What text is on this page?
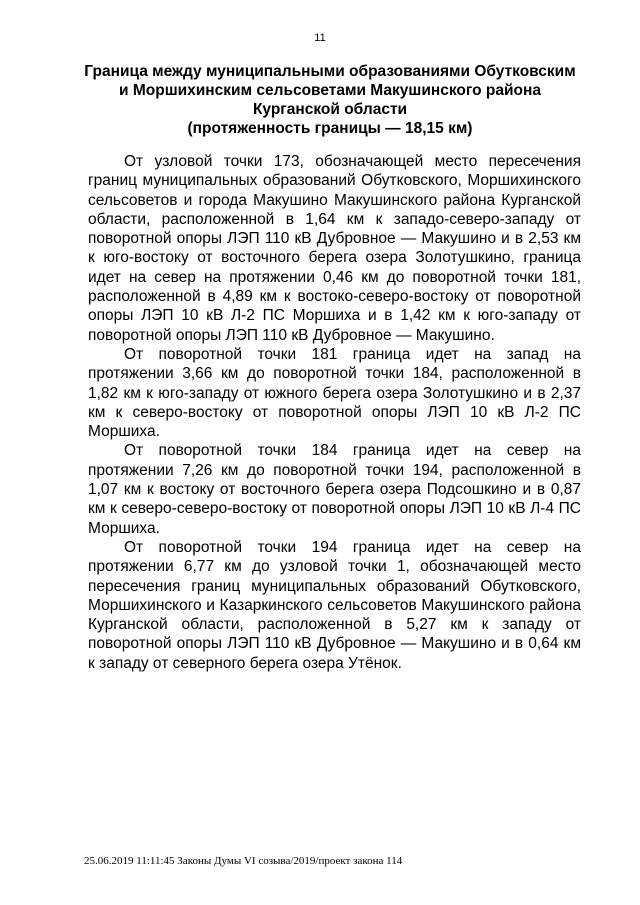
11
Граница между муниципальными образованиями Обутковским
и Моршихинским сельсоветами Макушинского района
Курганской области
(протяженность границы — 18,15 км)

От узловой точки 173, обозначающей место пересечения границ муниципальных образований Обутковского, Моршихинского сельсоветов и города Макушино Макушинского района Курганской области, расположенной в 1,64 км к западо-северо-западу от поворотной опоры ЛЭП 110 кВ Дубровное — Макушино и в 2,53 км к юго-востоку от восточного берега озера Золотушкино, граница идет на север на протяжении 0,46 км до поворотной точки 181, расположенной в 4,89 км к востоко-северо-востоку от поворотной опоры ЛЭП 10 кВ Л-2 ПС Моршиха и в 1,42 км к юго-западу от поворотной опоры ЛЭП 110 кВ Дубровное — Макушино.

От поворотной точки 181 граница идет на запад на протяжении 3,66 км до поворотной точки 184, расположенной в 1,82 км к юго-западу от южного берега озера Золотушкино и в 2,37 км к северо-востоку от поворотной опоры ЛЭП 10 кВ Л-2 ПС Моршиха.

От поворотной точки 184 граница идет на север на протяжении 7,26 км до поворотной точки 194, расположенной в 1,07 км к востоку от восточного берега озера Подсошкино и в 0,87 км к северо-северо-востоку от поворотной опоры ЛЭП 10 кВ Л-4 ПС Моршиха.

От поворотной точки 194 граница идет на север на протяжении 6,77 км до узловой точки 1, обозначающей место пересечения границ муниципальных образований Обутковского, Моршихинского и Казаркинского сельсоветов Макушинского района Курганской области, расположенной в 5,27 км к западу от поворотной опоры ЛЭП 110 кВ Дубровное — Макушино и в 0,64 км к западу от северного берега озера Утёнок.

25.06.2019 11:11:45 Законы Думы VI созыва/2019/проект закона 114
